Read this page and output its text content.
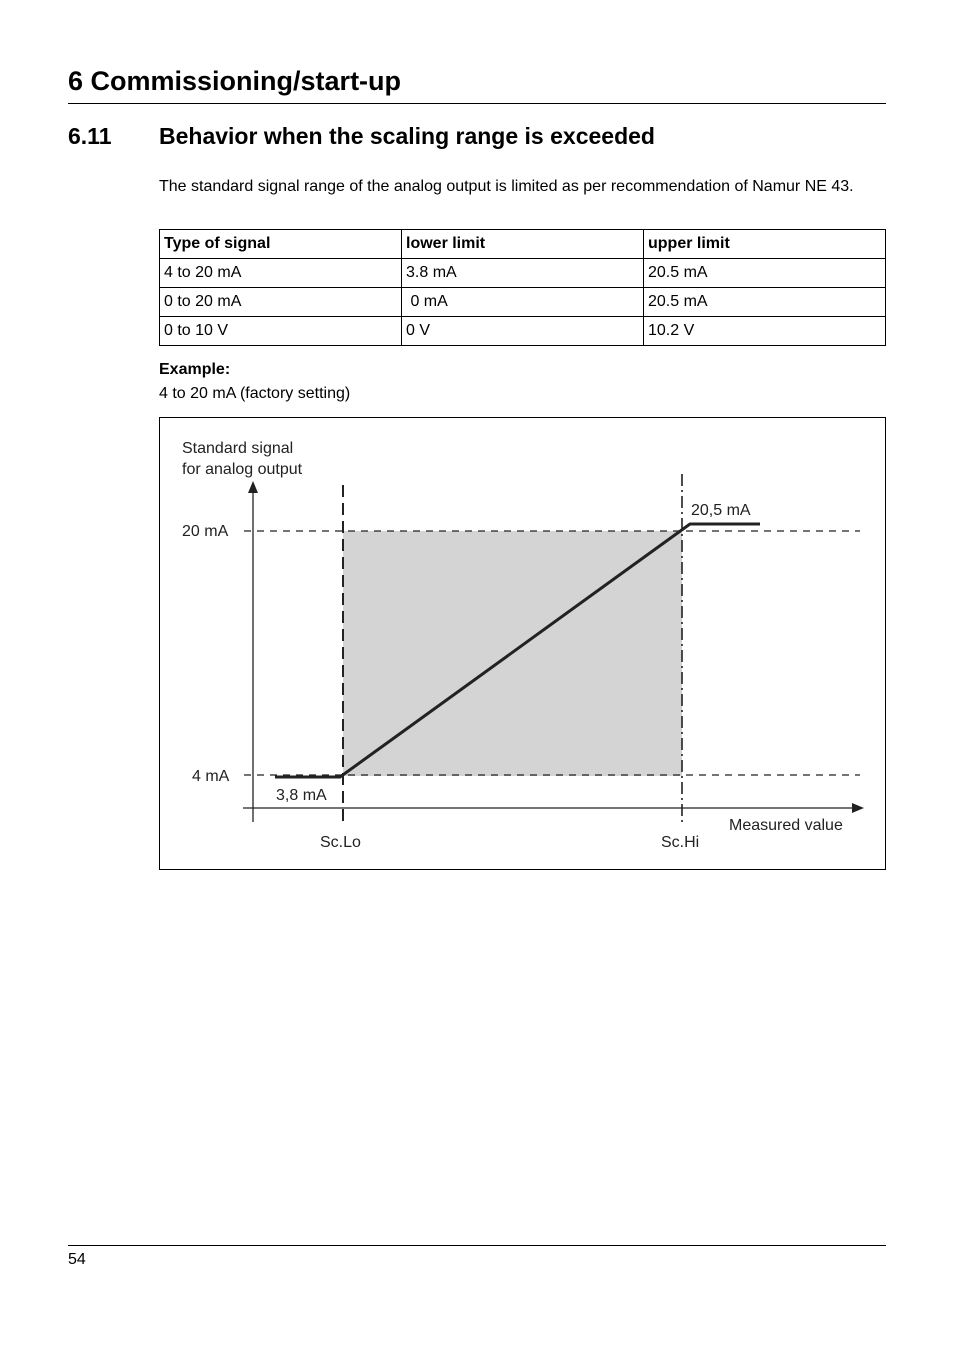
6 Commissioning/start-up
6.11 Behavior when the scaling range is exceeded

The standard signal range of the analog output is limited as per recommendation of Namur NE 43.

Type of signal	lower limit	upper limit
4 to 20 mA	3.8 mA	20.5 mA
0 to 20 mA	0 mA	20.5 mA
0 to 10 V	0 V	10.2 V
Example:
4 to 20 mA (factory setting)
Standard signal
for analog output
20 mA
4 mA
20,5 mA
3,8 mA
Measured value
Sc.Lo	Sc.Hi
54
